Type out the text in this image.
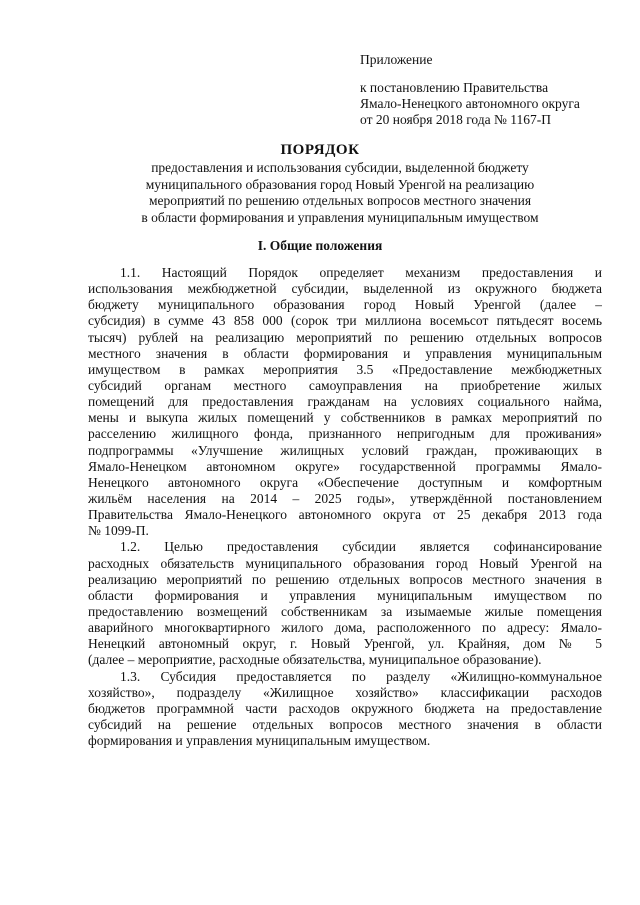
Приложение
к постановлению Правительства
Ямало-Ненецкого автономного округа
от 20 ноября 2018 года № 1167-П
ПОРЯДОК
предоставления и использования субсидии, выделенной бюджету
муниципального образования город Новый Уренгой на реализацию
мероприятий по решению отдельных вопросов местного значения
в области формирования и управления муниципальным имуществом
I. Общие положения
1.1. Настоящий Порядок определяет механизм предоставления и
использования межбюджетной субсидии, выделенной из окружного бюджета
бюджету муниципального образования город Новый Уренгой (далее –
субсидия) в сумме 43 858 000 (сорок три миллиона восемьсот пятьдесят восемь
тысяч) рублей на реализацию мероприятий по решению отдельных вопросов
местного значения в области формирования и управления муниципальным
имуществом в рамках мероприятия 3.5 «Предоставление межбюджетных
субсидий органам местного самоуправления на приобретение жилых
помещений для предоставления гражданам на условиях социального найма,
мены и выкупа жилых помещений у собственников в рамках мероприятий по
расселению жилищного фонда, признанного непригодным для проживания»
подпрограммы «Улучшение жилищных условий граждан, проживающих в
Ямало-Ненецком автономном округе» государственной программы Ямало-
Ненецкого автономного округа «Обеспечение доступным и комфортным
жильём населения на 2014 – 2025 годы», утверждённой постановлением
Правительства Ямало-Ненецкого автономного округа от 25 декабря 2013 года
№ 1099-П.
1.2. Целью предоставления субсидии является софинансирование
расходных обязательств муниципального образования город Новый Уренгой на
реализацию мероприятий по решению отдельных вопросов местного значения в
области формирования и управления муниципальным имуществом по
предоставлению возмещений собственникам за изымаемые жилые помещения
аварийного многоквартирного жилого дома, расположенного по адресу: Ямало-
Ненецкий автономный округ, г. Новый Уренгой, ул. Крайняя, дом № 5
(далее – мероприятие, расходные обязательства, муниципальное образование).
1.3. Субсидия предоставляется по разделу «Жилищно-коммунальное
хозяйство», подразделу «Жилищное хозяйство» классификации расходов
бюджетов программной части расходов окружного бюджета на предоставление
субсидий на решение отдельных вопросов местного значения в области
формирования и управления муниципальным имуществом.
